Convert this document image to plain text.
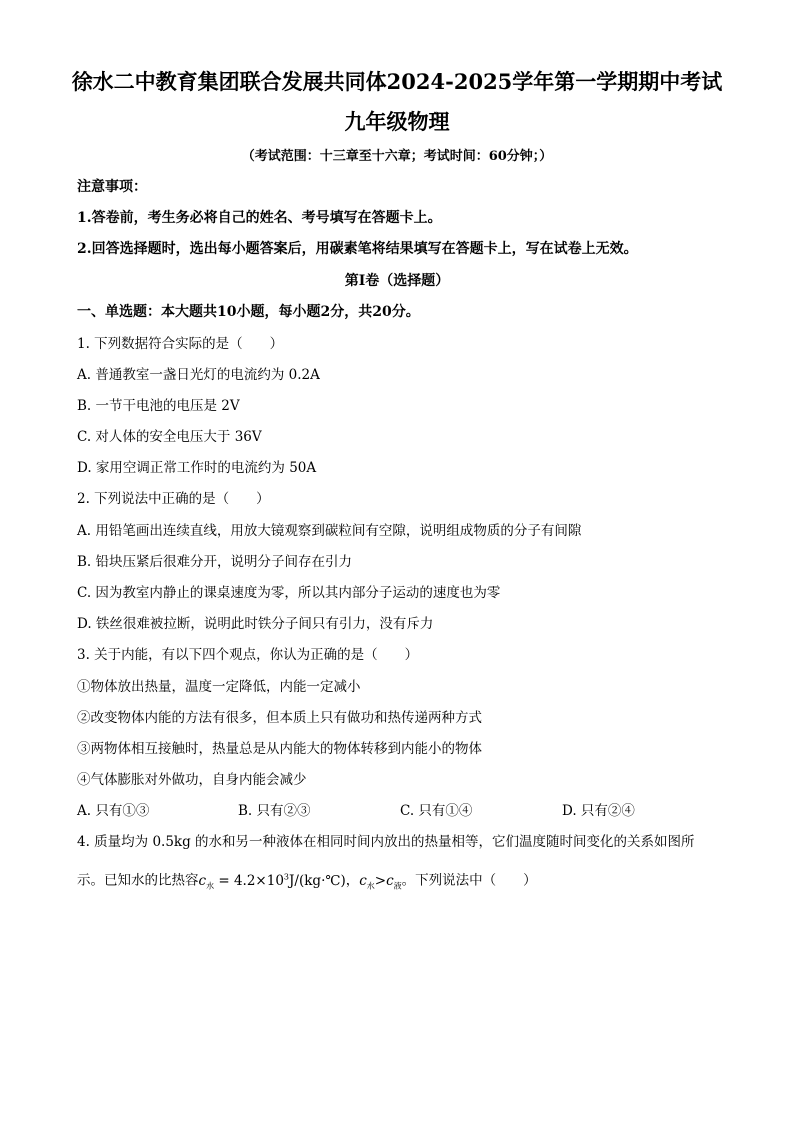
徐水二中教育集团联合发展共同体2024-2025学年第一学期期中考试
九年级物理
（考试范围：十三章至十六章；考试时间：60分钟；）
注意事项：
1.答卷前，考生务必将自己的姓名、考号填写在答题卡上。
2.回答选择题时，选出每小题答案后，用碳素笔将结果填写在答题卡上，写在试卷上无效。
第Ⅰ卷（选择题）
一、单选题：本大题共10小题，每小题2分，共20分。
1. 下列数据符合实际的是（　　）
A. 普通教室一盏日光灯的电流约为 0.2A
B. 一节干电池的电压是 2V
C. 对人体的安全电压大于 36V
D. 家用空调正常工作时的电流约为 50A
2. 下列说法中正确的是（　　）
A. 用铅笔画出连续直线，用放大镜观察到碳粒间有空隙，说明组成物质的分子有间隙
B. 铅块压紧后很难分开，说明分子间存在引力
C. 因为教室内静止的课桌速度为零，所以其内部分子运动的速度也为零
D. 铁丝很难被拉断，说明此时铁分子间只有引力，没有斥力
3. 关于内能，有以下四个观点，你认为正确的是（　　）
①物体放出热量，温度一定降低，内能一定减小
②改变物体内能的方法有很多，但本质上只有做功和热传递两种方式
③两物体相互接触时，热量总是从内能大的物体转移到内能小的物体
④气体膨胀对外做功，自身内能会减少
A. 只有①③	B. 只有②③	C. 只有①④	D. 只有②④
4. 质量均为 0.5kg 的水和另一种液体在相同时间内放出的热量相等，它们温度随时间变化的关系如图所
示。已知水的比热容$c_水$ = $4.2\times 10^3J/(kg\cdot℃)$，$c_水>c_液$。下列说法中（　　）
